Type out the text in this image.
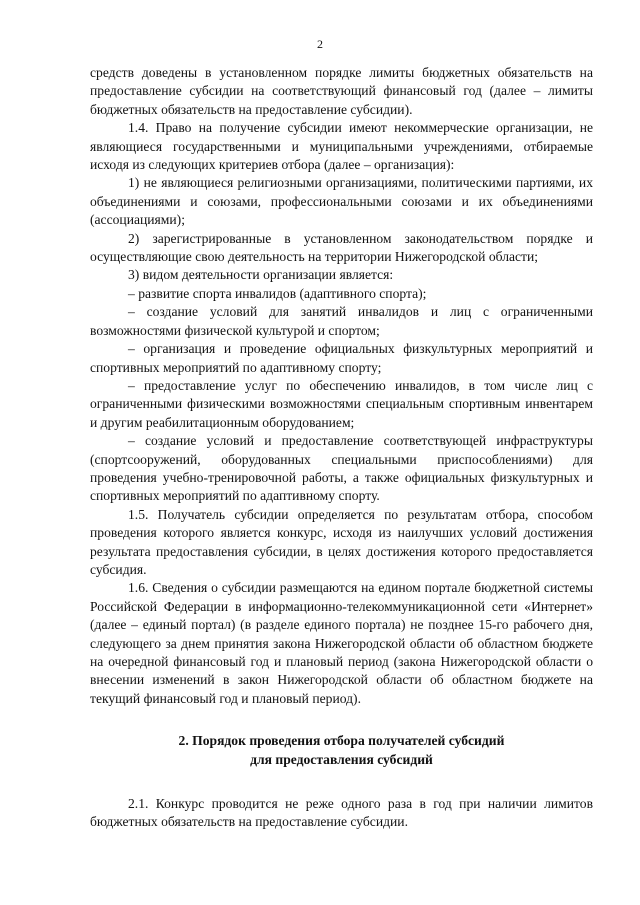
2

средств доведены в установленном порядке лимиты бюджетных обязательств на предоставление субсидии на соответствующий финансовый год (далее – лимиты бюджетных обязательств на предоставление субсидии).

1.4. Право на получение субсидии имеют некоммерческие организации, не являющиеся государственными и муниципальными учреждениями, отбираемые исходя из следующих критериев отбора (далее – организация):

1) не являющиеся религиозными организациями, политическими партиями, их объединениями и союзами, профессиональными союзами и их объединениями (ассоциациями);

2) зарегистрированные в установленном законодательством порядке и осуществляющие свою деятельность на территории Нижегородской области;

3) видом деятельности организации является:

– развитие спорта инвалидов (адаптивного спорта);

– создание условий для занятий инвалидов и лиц с ограниченными возможностями физической культурой и спортом;

– организация и проведение официальных физкультурных мероприятий и спортивных мероприятий по адаптивному спорту;

– предоставление услуг по обеспечению инвалидов, в том числе лиц с ограниченными физическими возможностями специальным спортивным инвентарем и другим реабилитационным оборудованием;

– создание условий и предоставление соответствующей инфраструктуры (спортсооружений, оборудованных специальными приспособлениями) для проведения учебно-тренировочной работы, а также официальных физкультурных и спортивных мероприятий по адаптивному спорту.

1.5. Получатель субсидии определяется по результатам отбора, способом проведения которого является конкурс, исходя из наилучших условий достижения результата предоставления субсидии, в целях достижения которого предоставляется субсидия.

1.6. Сведения о субсидии размещаются на едином портале бюджетной системы Российской Федерации в информационно-телекоммуникационной сети «Интернет» (далее – единый портал) (в разделе единого портала) не позднее 15-го рабочего дня, следующего за днем принятия закона Нижегородской области об областном бюджете на очередной финансовый год и плановый период (закона Нижегородской области о внесении изменений в закон Нижегородской области об областном бюджете на текущий финансовый год и плановый период).

2. Порядок проведения отбора получателей субсидий
для предоставления субсидий

2.1. Конкурс проводится не реже одного раза в год при наличии лимитов бюджетных обязательств на предоставление субсидии.
